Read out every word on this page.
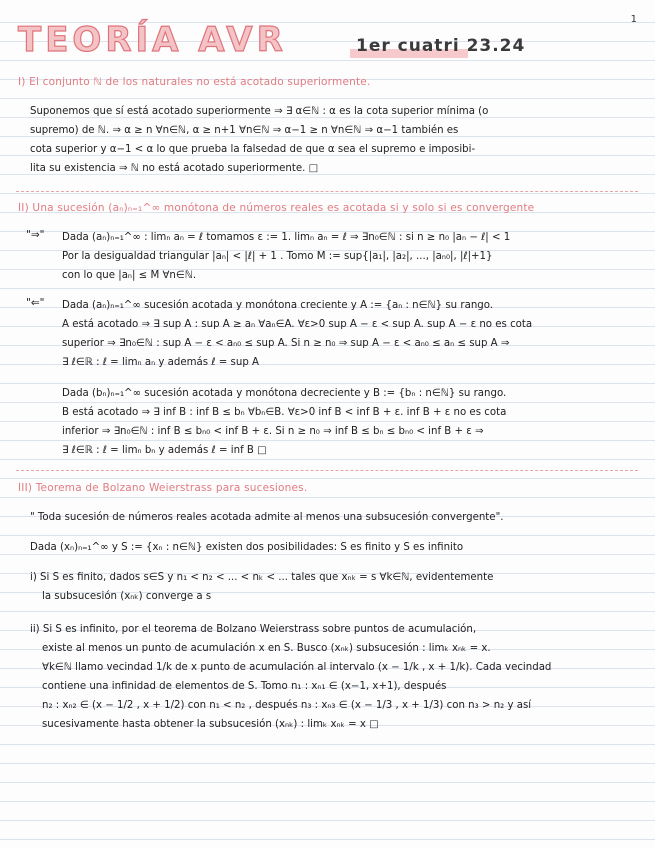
1
TEORÍA AVR	1er cuatri 23.24
I) El conjunto ℕ de los naturales no está acotado superiormente.
Suponemos que sí está acotado superiormente ⇒ ∃ α∈ℕ : α es la cota superior mínima (o
supremo) de ℕ. ⇒ α ≥ n ∀n∈ℕ, α ≥ n+1 ∀n∈ℕ ⇒ α−1 ≥ n ∀n∈ℕ ⇒ α−1 también es
cota superior y α−1 < α lo que prueba la falsedad de que α sea el supremo e imposibi-
lita su existencia ⇒ ℕ no está acotado superiormente. □
II) Una sucesión (aₙ)ₙ₌₁^∞ monótona de números reales es acotada si y solo si es convergente
"⇒" Dada (aₙ)ₙ₌₁^∞ : limₙ aₙ = ℓ tomamos ε := 1. limₙ aₙ = ℓ ⇒ ∃n₀∈ℕ : si n ≥ n₀ |aₙ − ℓ| < 1
Por la desigualdad triangular |aₙ| < |ℓ| + 1 . Tomo M := sup{|a₁|, |a₂|, ..., |aₙ₀|, |ℓ|+1}
con lo que |aₙ| ≤ M ∀n∈ℕ.
"⇐" Dada (aₙ)ₙ₌₁^∞ sucesión acotada y monótona creciente y A := {aₙ : n∈ℕ} su rango.
A está acotado ⇒ ∃ sup A : sup A ≥ aₙ ∀aₙ∈A. ∀ε>0 sup A − ε < sup A. sup A − ε no es cota
superior ⇒ ∃n₀∈ℕ : sup A − ε < aₙ₀ ≤ sup A. Si n ≥ n₀ ⇒ sup A − ε < aₙ₀ ≤ aₙ ≤ sup A ⇒
∃ ℓ∈ℝ : ℓ = limₙ aₙ y además ℓ = sup A
Dada (bₙ)ₙ₌₁^∞ sucesión acotada y monótona decreciente y B := {bₙ : n∈ℕ} su rango.
B está acotado ⇒ ∃ inf B : inf B ≤ bₙ ∀bₙ∈B. ∀ε>0 inf B < inf B + ε. inf B + ε no es cota
inferior ⇒ ∃n₀∈ℕ : inf B ≤ bₙ₀ < inf B + ε. Si n ≥ n₀ ⇒ inf B ≤ bₙ ≤ bₙ₀ < inf B + ε ⇒
∃ ℓ∈ℝ : ℓ = limₙ bₙ y además ℓ = inf B □
III) Teorema de Bolzano Weierstrass para sucesiones.
" Toda sucesión de números reales acotada admite al menos una subsucesión convergente".
Dada (xₙ)ₙ₌₁^∞ y S := {xₙ : n∈ℕ} existen dos posibilidades: S es finito y S es infinito
i) Si S es finito, dados s∈S y n₁ < n₂ < ... < nₖ < ... tales que xₙₖ = s ∀k∈ℕ, evidentemente
la subsucesión (xₙₖ) converge a s
ii) Si S es infinito, por el teorema de Bolzano Weierstrass sobre puntos de acumulación,
existe al menos un punto de acumulación x en S. Busco (xₙₖ) subsucesión : limₖ xₙₖ = x.
∀k∈ℕ llamo vecindad 1/k de x punto de acumulación al intervalo (x − 1/k , x + 1/k). Cada vecindad
contiene una infinidad de elementos de S. Tomo n₁ : xₙ₁ ∈ (x−1, x+1), después
n₂ : xₙ₂ ∈ (x − 1/2 , x + 1/2) con n₁ < n₂ , después n₃ : xₙ₃ ∈ (x − 1/3 , x + 1/3) con n₃ > n₂ y así
sucesivamente hasta obtener la subsucesión (xₙₖ) : limₖ xₙₖ = x □
